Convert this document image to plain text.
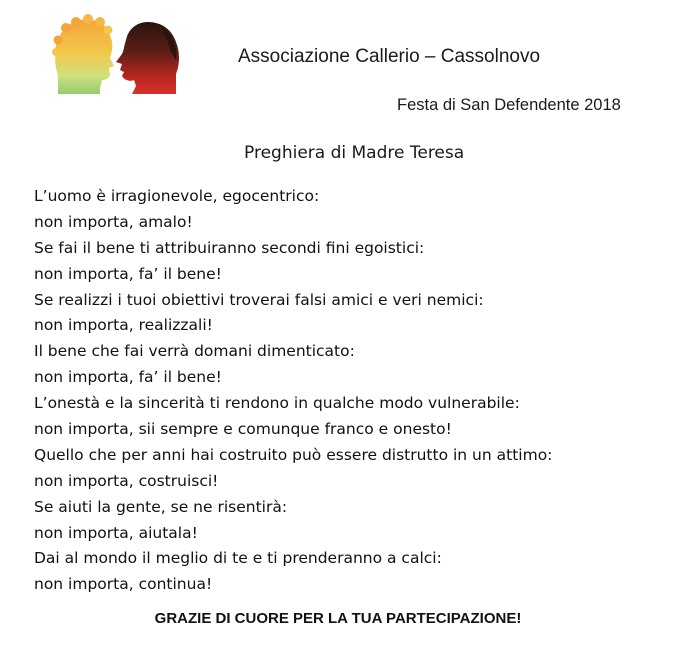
Associazione Callerio – Cassolnovo
Festa di San Defendente 2018
Preghiera di Madre Teresa
L’uomo è irragionevole, egocentrico:
non importa, amalo!
Se fai il bene ti attribuiranno secondi fini egoistici:
non importa, fa’ il bene!
Se realizzi i tuoi obiettivi troverai falsi amici e veri nemici:
non importa, realizzali!
Il bene che fai verrà domani dimenticato:
non importa, fa’ il bene!
L’onestà e la sincerità ti rendono in qualche modo vulnerabile:
non importa, sii sempre e comunque franco e onesto!
Quello che per anni hai costruito può essere distrutto in un attimo:
non importa, costruisci!
Se aiuti la gente, se ne risentirà:
non importa, aiutala!
Dai al mondo il meglio di te e ti prenderanno a calci:
non importa, continua!
GRAZIE DI CUORE PER LA TUA PARTECIPAZIONE!
